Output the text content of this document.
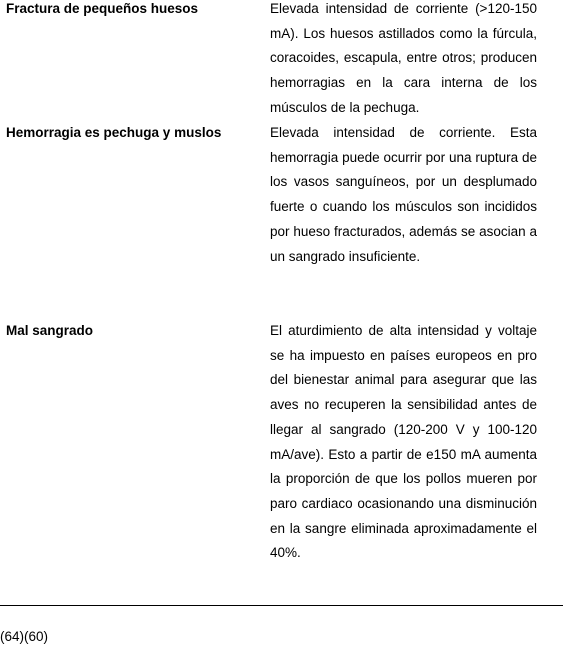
Fractura de pequeños huesos	Elevada intensidad de corriente (>120-150 mA). Los huesos astillados como la fúrcula, coracoides, escapula, entre otros; producen hemorragias en la cara interna de los músculos de la pechuga.

Hemorragia es pechuga y muslos	Elevada intensidad de corriente. Esta hemorragia puede ocurrir por una ruptura de los vasos sanguíneos, por un desplumado fuerte o cuando los músculos son incididos por hueso fracturados, además se asocian a un sangrado insuficiente.

Mal sangrado	El aturdimiento de alta intensidad y voltaje se ha impuesto en países europeos en pro del bienestar animal para asegurar que las aves no recuperen la sensibilidad antes de llegar al sangrado (120-200 V y 100-120 mA/ave). Esto a partir de e150 mA aumenta la proporción de que los pollos mueren por paro cardiaco ocasionando una disminución en la sangre eliminada aproximadamente el 40%.

(64)(60)
